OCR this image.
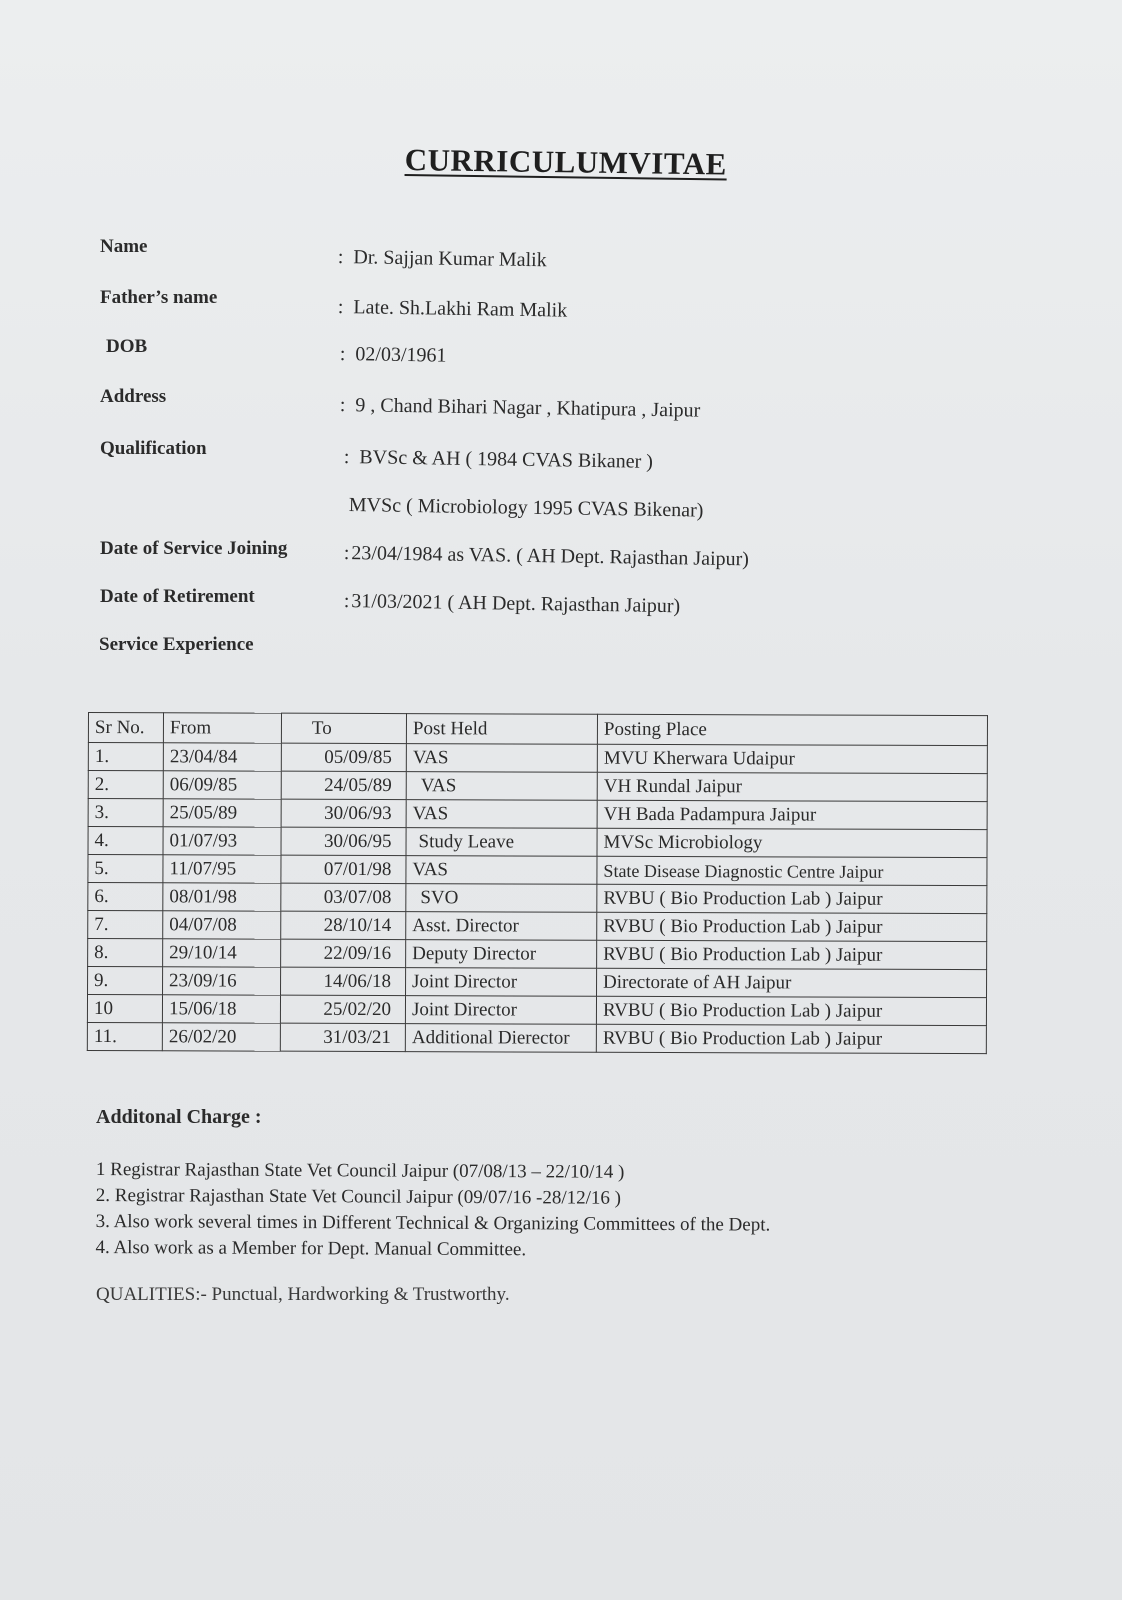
CURRICULUMVITAE
Name	: Dr. Sajjan Kumar Malik
Father’s name	: Late. Sh.Lakhi Ram Malik
DOB	: 02/03/1961
Address	: 9 , Chand Bihari Nagar , Khatipura , Jaipur
Qualification	: BVSc & AH ( 1984 CVAS Bikaner )
MVSc ( Microbiology 1995 CVAS Bikenar)
Date of Service Joining	:23/04/1984 as VAS. ( AH Dept. Rajasthan Jaipur)
Date of Retirement	:31/03/2021 ( AH Dept. Rajasthan Jaipur)
Service Experience
Sr No.	From	To	Post Held	Posting Place
1.	23/04/84	05/09/85	VAS	MVU Kherwara Udaipur
2.	06/09/85	24/05/89	VAS	VH Rundal Jaipur
3.	25/05/89	30/06/93	VAS	VH Bada Padampura Jaipur
4.	01/07/93	30/06/95	Study Leave	MVSc Microbiology
5.	11/07/95	07/01/98	VAS	State Disease Diagnostic Centre Jaipur
6.	08/01/98	03/07/08	SVO	RVBU ( Bio Production Lab ) Jaipur
7.	04/07/08	28/10/14	Asst. Director	RVBU ( Bio Production Lab ) Jaipur
8.	29/10/14	22/09/16	Deputy Director	RVBU ( Bio Production Lab ) Jaipur
9.	23/09/16	14/06/18	Joint Director	Directorate of AH Jaipur
10	15/06/18	25/02/20	Joint Director	RVBU ( Bio Production Lab ) Jaipur
11.	26/02/20	31/03/21	Additional Dierector	RVBU ( Bio Production Lab ) Jaipur
Additonal Charge :
1 Registrar Rajasthan State Vet Council Jaipur (07/08/13 – 22/10/14 )
2. Registrar Rajasthan State Vet Council Jaipur (09/07/16 -28/12/16 )
3. Also work several times in Different Technical & Organizing Committees of the Dept.
4. Also work as a Member for Dept. Manual Committee.
QUALITIES:- Punctual, Hardworking & Trustworthy.
